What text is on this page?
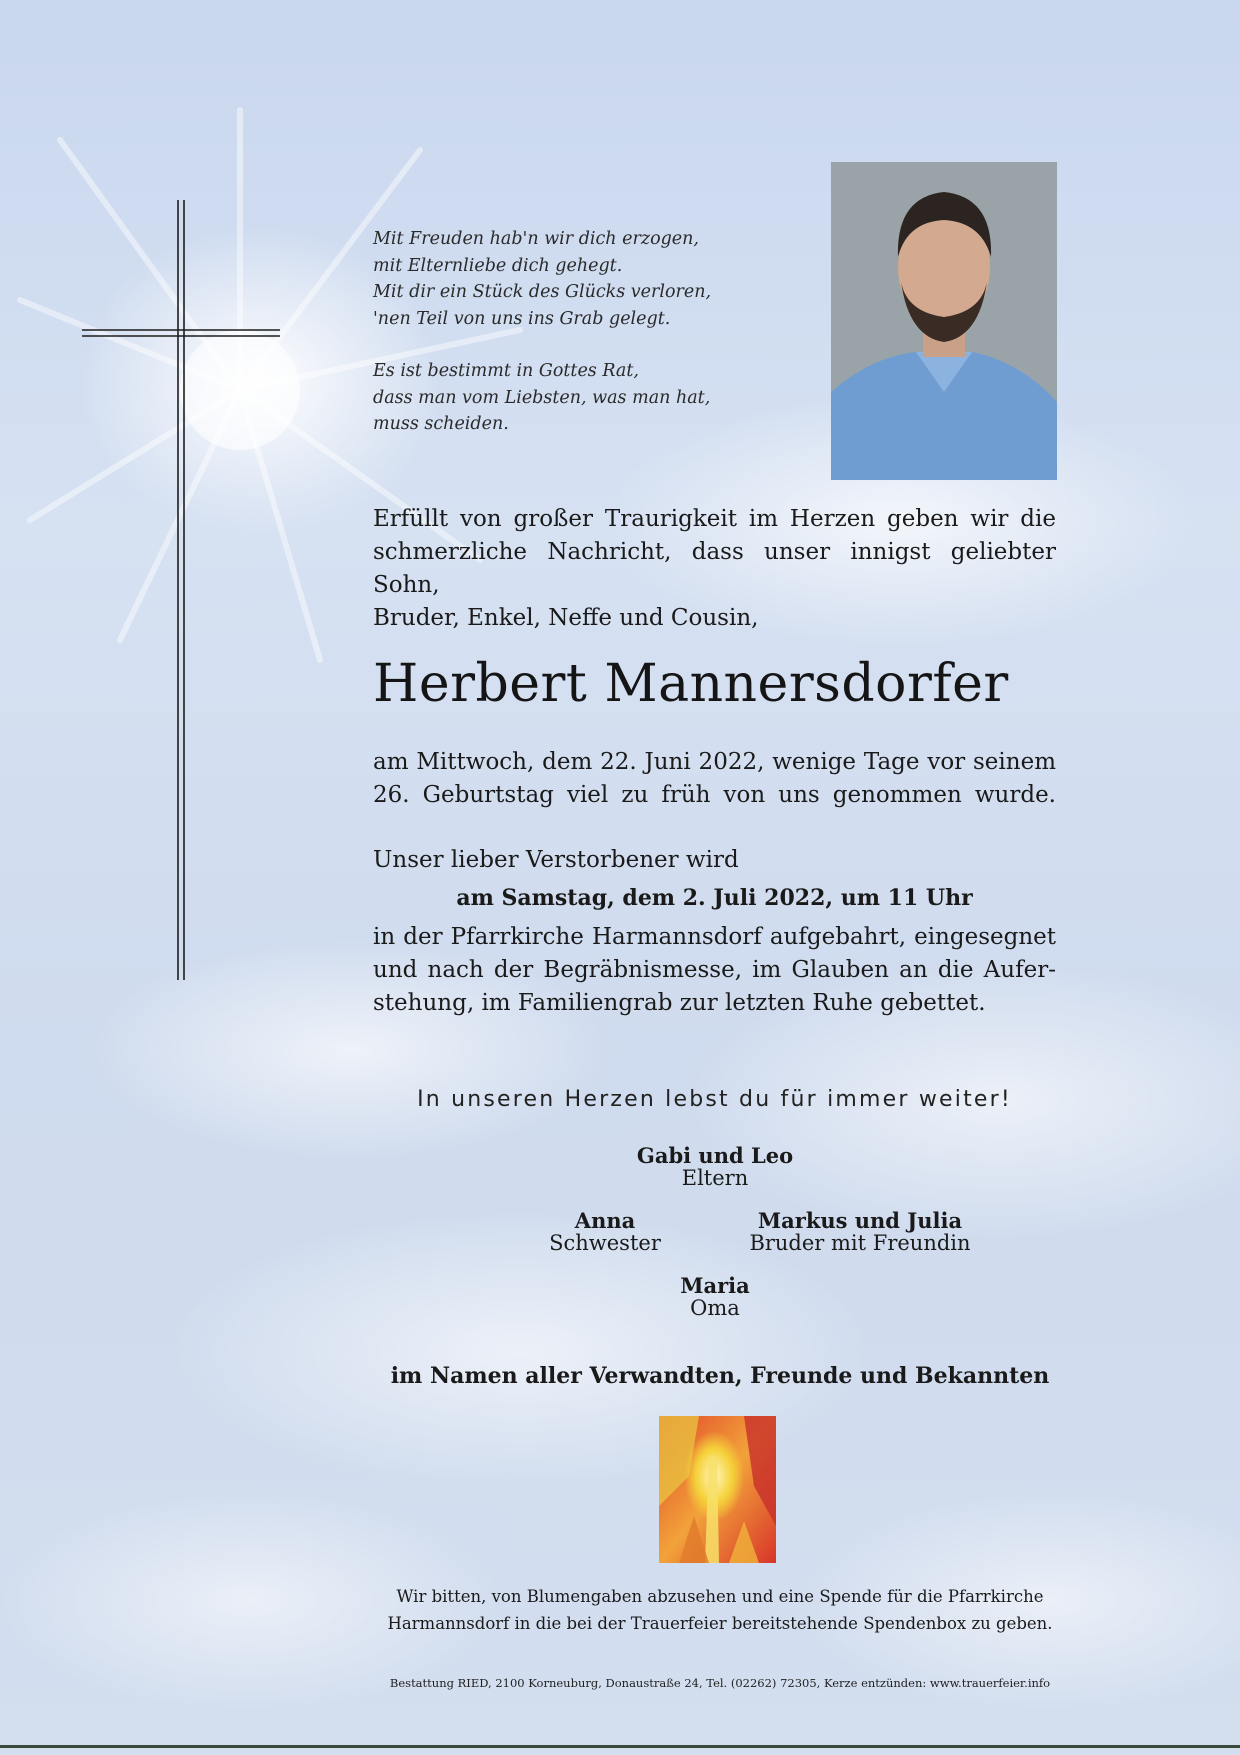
Mit Freuden hab'n wir dich erzogen,

mit Elternliebe dich gehegt.

Mit dir ein Stück des Glücks verloren,

'nen Teil von uns ins Grab gelegt.

Es ist bestimmt in Gottes Rat,

dass man vom Liebsten, was man hat,

muss scheiden.

Erfüllt von großer Traurigkeit im Herzen geben wir die
schmerzliche Nachricht, dass unser innigst geliebter Sohn,
Bruder, Enkel, Neffe und Cousin,
Herbert Mannersdorfer
am Mittwoch, dem 22. Juni 2022, wenige Tage vor seinem
26. Geburtstag viel zu früh von uns genommen wurde.
Unser lieber Verstorbener wird
am Samstag, dem 2. Juli 2022, um 11 Uhr
in der Pfarrkirche Harmannsdorf aufgebahrt, eingesegnet
und nach der Begräbnismesse, im Glauben an die Aufer-
stehung, im Familiengrab zur letzten Ruhe gebettet.
In unseren Herzen lebst du für immer weiter!
Gabi und Leo
Eltern
Anna
Schwester
Markus und Julia
Bruder mit Freundin
Maria
Oma
im Namen aller Verwandten, Freunde und Bekannten
Wir bitten, von Blumengaben abzusehen und eine Spende für die Pfarrkirche
Harmannsdorf in die bei der Trauerfeier bereitstehende Spendenbox zu geben.
Bestattung RIED, 2100 Korneuburg, Donaustraße 24, Tel. (02262) 72305, Kerze entzünden: www.trauerfeier.info
